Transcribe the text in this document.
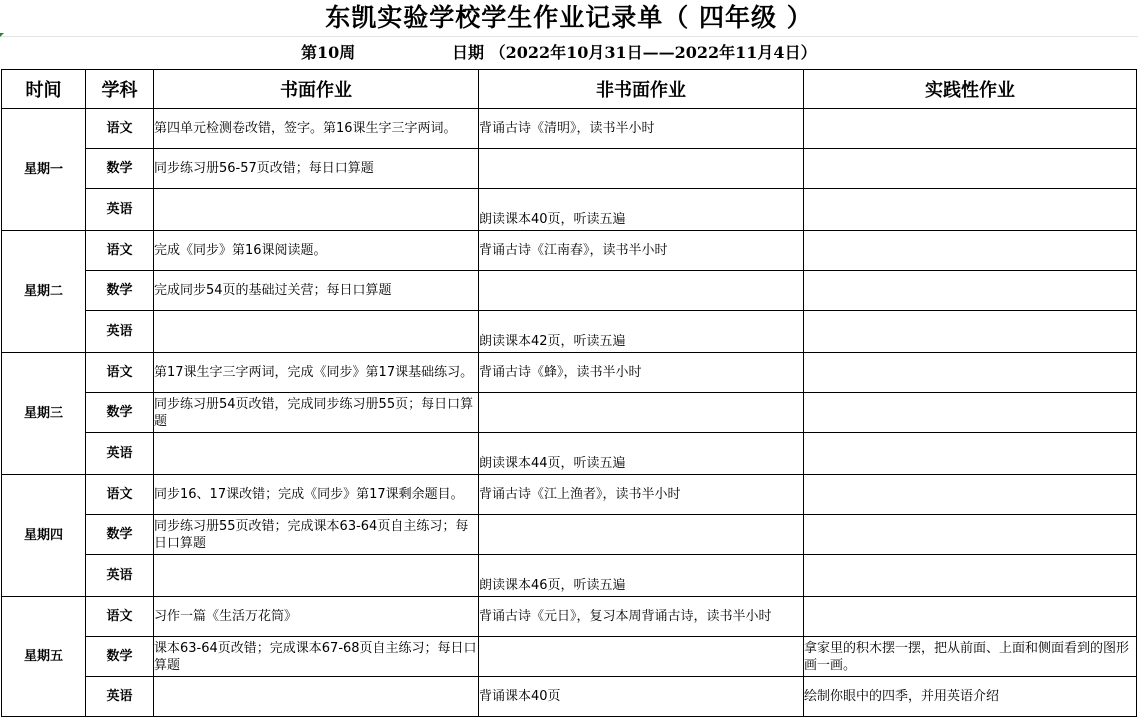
东凯实验学校学生作业记录单（ 四年级 ）
第10周	日期 （2022年10月31日——2022年11月4日）
时间	学科	书面作业	非书面作业	实践性作业
星期一	语文	第四单元检测卷改错，签字。第16课生字三字两词。	背诵古诗《清明》，读书半小时	
	数学	同步练习册56-57页改错；每日口算题		
	英语		朗读课本40页，听读五遍	
星期二	语文	完成《同步》第16课阅读题。	背诵古诗《江南春》，读书半小时	
	数学	完成同步54页的基础过关营；每日口算题		
	英语		朗读课本42页，听读五遍	
星期三	语文	第17课生字三字两词，完成《同步》第17课基础练习。	背诵古诗《蜂》，读书半小时	
	数学	同步练习册54页改错，完成同步练习册55页；每日口算题		
	英语		朗读课本44页，听读五遍	
星期四	语文	同步16、17课改错；完成《同步》第17课剩余题目。	背诵古诗《江上渔者》，读书半小时	
	数学	同步练习册55页改错；完成课本63-64页自主练习；每日口算题		
	英语		朗读课本46页，听读五遍	
星期五	语文	习作一篇《生活万花筒》	背诵古诗《元日》，复习本周背诵古诗，读书半小时	
	数学	课本63-64页改错；完成课本67-68页自主练习；每日口算题		拿家里的积木摆一摆，把从前面、上面和侧面看到的图形画一画。
	英语		背诵课本40页	绘制你眼中的四季，并用英语介绍
